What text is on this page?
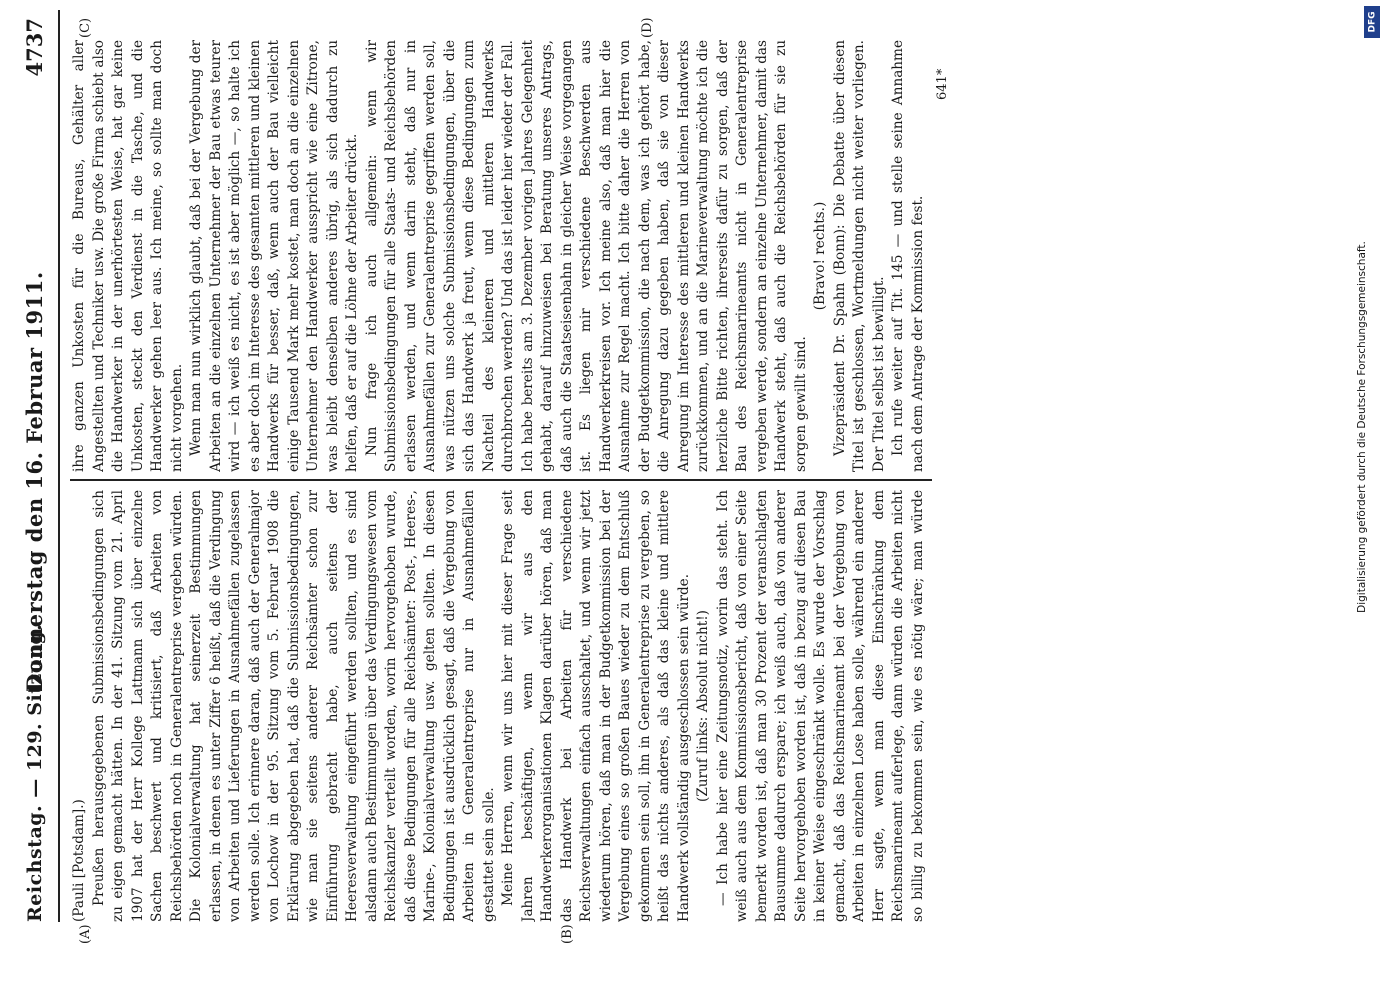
Reichstag. — 129. Sitzung.
Donnerstag den 16. Februar 1911.
4737
(A)	(B)

(Pauli [Potsdam].) Preußen herausgegebenen Submissionsbedingungen sich zu eigen gemacht hätten. In der 41. Sitzung vom 21. April 1907 hat der Herr Kollege Lattmann sich über einzelne Sachen beschwert und kritisiert, daß Arbeiten von Reichsbehörden noch in Generalentreprise vergeben würden. Die Kolonialverwaltung hat seinerzeit Bestimmungen erlassen, in denen es unter Ziffer 6 heißt, daß die Verdingung von Arbeiten und Lieferungen in Ausnahmefällen zugelassen werden solle. Ich erinnere daran, daß auch der Generalmajor von Lochow in der 95. Sitzung vom 5. Februar 1908 die Erklärung abgegeben hat, daß die Submissionsbedingungen, wie man sie seitens anderer Reichsämter schon zur Einführung gebracht habe, auch seitens der Heeresverwaltung eingeführt werden sollten, und es sind alsdann auch Bestimmungen über das Verdingungswesen vom Reichskanzler verteilt worden, worin hervorgehoben wurde, daß diese Bedingungen für alle Reichsämter: Post-, Heeres-, Marine-, Kolonialverwaltung usw. gelten sollten. In diesen Bedingungen ist ausdrücklich gesagt, daß die Vergebung von Arbeiten in Generalentreprise nur in Ausnahmefällen gestattet sein solle. Meine Herren, wenn wir uns hier mit dieser Frage seit Jahren beschäftigen, wenn wir aus den Handwerkerorganisationen Klagen darüber hören, daß man das Handwerk bei Arbeiten für verschiedene Reichsverwaltungen einfach ausschaltet, und wenn wir jetzt wiederum hören, daß man in der Budgetkommission bei der Vergebung eines so großen Baues wieder zu dem Entschluß gekommen sein soll, ihn in Generalentreprise zu vergeben, so heißt das nichts anderes, als daß das kleine und mittlere Handwerk vollständig ausgeschlossen sein würde. (Zuruf links: Absolut nicht!)

— Ich habe hier eine Zeitungsnotiz, worin das steht. Ich weiß auch aus dem Kommissionsbericht, daß von einer Seite bemerkt worden ist, daß man 30 Prozent der veranschlagten Bausumme dadurch erspare; ich weiß auch, daß von anderer Seite hervorgehoben worden ist, daß in bezug auf diesen Bau in keiner Weise eingeschränkt wolle. Es wurde der Vorschlag gemacht, daß das Reichsmarineamt bei der Vergebung von Arbeiten in einzelnen Lose haben solle, während ein anderer Herr sagte, wenn man diese Einschränkung dem Reichsmarineamt auferlege, dann würden die Arbeiten nicht so billig zu bekommen sein, wie es nötig wäre; man würde

ihre ganzen Unkosten für die Bureaus, Gehälter aller Angestellten und Techniker usw. Die große Firma schiebt also die Handwerker in der unerhörtesten Weise, hat gar keine Unkosten, steckt den Verdienst in die Tasche, und die Handwerker gehen leer aus. Ich meine, so sollte man doch nicht vorgehen. Wenn man nun wirklich glaubt, daß bei der Vergebung der Arbeiten an die einzelnen Unternehmer der Bau etwas teurer wird — ich weiß es nicht, es ist aber möglich —, so halte ich es aber doch im Interesse des gesamten mittleren und kleinen Handwerks für besser, daß, wenn auch der Bau vielleicht einige Tausend Mark mehr kostet, man doch an die einzelnen Unternehmer den Handwerker ausspricht wie eine Zitrone, was bleibt denselben anderes übrig, als sich dadurch zu helfen, daß er auf die Löhne der Arbeiter drückt. Nun frage ich auch allgemein: wenn wir Submissionsbedingungen für alle Staats- und Reichsbehörden erlassen werden, und wenn darin steht, daß nur in Ausnahmefällen zur Generalentreprise gegriffen werden soll, was nützen uns solche Submissionsbedingungen, über die sich das Handwerk ja freut, wenn diese Bedingungen zum Nachteil des kleineren und mittleren Handwerks durchbrochen werden? Und das ist leider hier wieder der Fall. Ich habe bereits am 3. Dezember vorigen Jahres Gelegenheit gehabt, darauf hinzuweisen bei Beratung unseres Antrags, daß auch die Staatseisenbahn in gleicher Weise vorgegangen ist. Es liegen mir verschiedene Beschwerden aus Handwerkerkreisen vor. Ich meine also, daß man hier die Ausnahme zur Regel macht. Ich bitte daher die Herren von der Budgetkommission, die nach dem, was ich gehört habe, die Anregung dazu gegeben haben, daß sie von dieser Anregung im Interesse des mittleren und kleinen Handwerks zurückkommen, und an die Marineverwaltung möchte ich die herzliche Bitte richten, ihrerseits dafür zu sorgen, daß der Bau des Reichsmarineamts nicht in Generalentreprise vergeben werde, sondern an einzelne Unternehmer, damit das Handwerk steht, daß auch die Reichsbehörden für sie zu sorgen gewillt sind.

(Bravo! rechts.) Vizepräsident Dr. Spahn (Bonn): Die Debatte über diesen Titel ist geschlossen, Wortmeldungen nicht weiter vorliegen. Der Titel selbst ist bewilligt. Ich rufe weiter auf Tit. 145 — und stelle seine Annahme nach dem Antrage der Kommission fest.

(C)	(D)
641*
DFG
Digitalisierung gefördert durch die Deutsche Forschungsgemeinschaft.
